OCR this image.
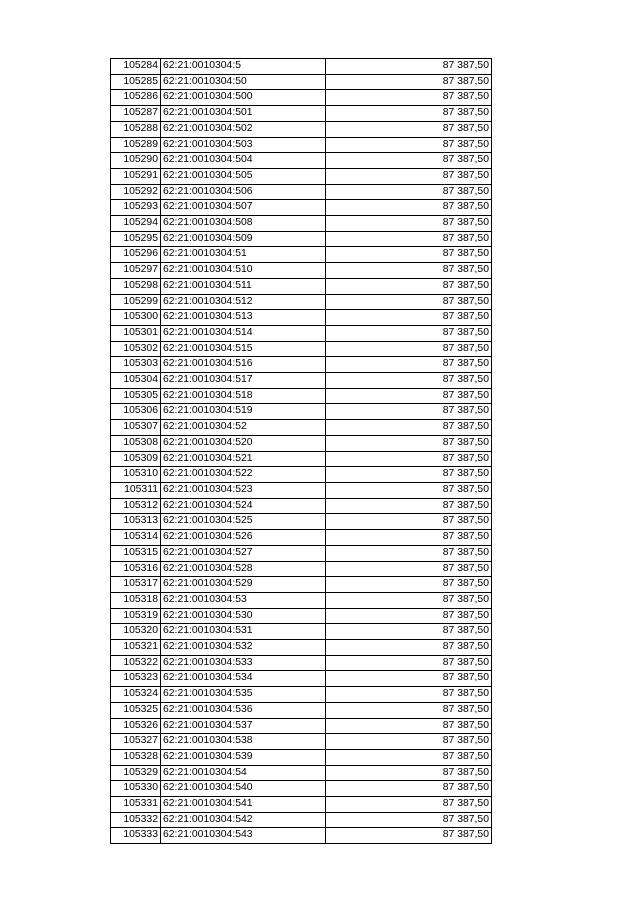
105284	62:21:0010304:5	87 387,50
105285	62:21:0010304:50	87 387,50
105286	62:21:0010304:500	87 387,50
105287	62:21:0010304:501	87 387,50
105288	62:21:0010304:502	87 387,50
105289	62:21:0010304:503	87 387,50
105290	62:21:0010304:504	87 387,50
105291	62:21:0010304:505	87 387,50
105292	62:21:0010304:506	87 387,50
105293	62:21:0010304:507	87 387,50
105294	62:21:0010304:508	87 387,50
105295	62:21:0010304:509	87 387,50
105296	62:21:0010304:51	87 387,50
105297	62:21:0010304:510	87 387,50
105298	62:21:0010304:511	87 387,50
105299	62:21:0010304:512	87 387,50
105300	62:21:0010304:513	87 387,50
105301	62:21:0010304:514	87 387,50
105302	62:21:0010304:515	87 387,50
105303	62:21:0010304:516	87 387,50
105304	62:21:0010304:517	87 387,50
105305	62:21:0010304:518	87 387,50
105306	62:21:0010304:519	87 387,50
105307	62:21:0010304:52	87 387,50
105308	62:21:0010304:520	87 387,50
105309	62:21:0010304:521	87 387,50
105310	62:21:0010304:522	87 387,50
105311	62:21:0010304:523	87 387,50
105312	62:21:0010304:524	87 387,50
105313	62:21:0010304:525	87 387,50
105314	62:21:0010304:526	87 387,50
105315	62:21:0010304:527	87 387,50
105316	62:21:0010304:528	87 387,50
105317	62:21:0010304:529	87 387,50
105318	62:21:0010304:53	87 387,50
105319	62:21:0010304:530	87 387,50
105320	62:21:0010304:531	87 387,50
105321	62:21:0010304:532	87 387,50
105322	62:21:0010304:533	87 387,50
105323	62:21:0010304:534	87 387,50
105324	62:21:0010304:535	87 387,50
105325	62:21:0010304:536	87 387,50
105326	62:21:0010304:537	87 387,50
105327	62:21:0010304:538	87 387,50
105328	62:21:0010304:539	87 387,50
105329	62:21:0010304:54	87 387,50
105330	62:21:0010304:540	87 387,50
105331	62:21:0010304:541	87 387,50
105332	62:21:0010304:542	87 387,50
105333	62:21:0010304:543	87 387,50
